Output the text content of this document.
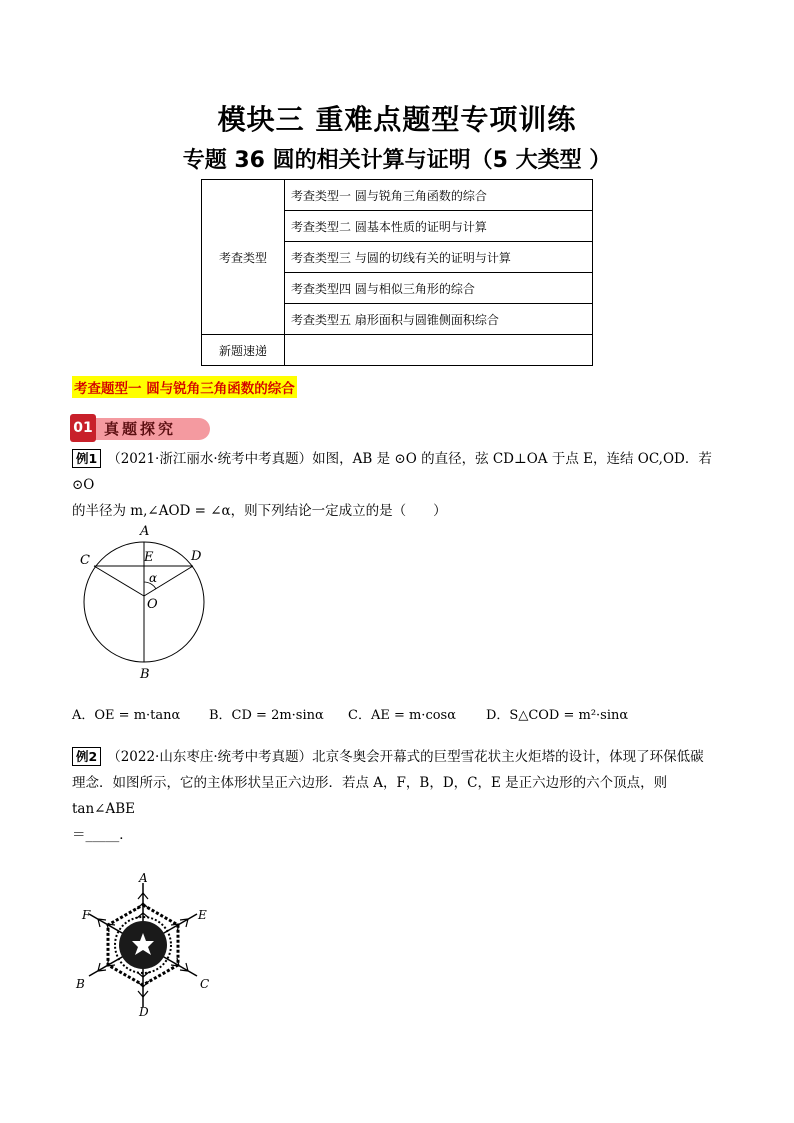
模块三 重难点题型专项训练
专题 36 圆的相关计算与证明（5 大类型 ）
考查类型	考查类型一 圆与锐角三角函数的综合
	考查类型二 圆基本性质的证明与计算
	考查类型三 与圆的切线有关的证明与计算
	考查类型四 圆与相似三角形的综合
	考查类型五 扇形面积与圆锥侧面积综合
新题速递	
考查题型一 圆与锐角三角函数的综合
01 真题探究
例1 （2021·浙江丽水·统考中考真题）如图，AB 是 ⊙O 的直径，弦 CD⊥OA 于点 E，连结 OC,OD．若 ⊙O
的半径为 m,∠AOD = ∠α，则下列结论一定成立的是（　　）
A
B
C	D
E
O
α
A．OE = m·tanα B．CD = 2m·sinα C．AE = m·cosα D．S△COD = m²·sinα
例2 （2022·山东枣庄·统考中考真题）北京冬奥会开幕式的巨型雪花状主火炬塔的设计，体现了环保低碳
理念．如图所示，它的主体形状呈正六边形．若点 A，F，B，D，C，E 是正六边形的六个顶点，则 tan∠ABE
＝_____．
A
D
F	E
B	C
